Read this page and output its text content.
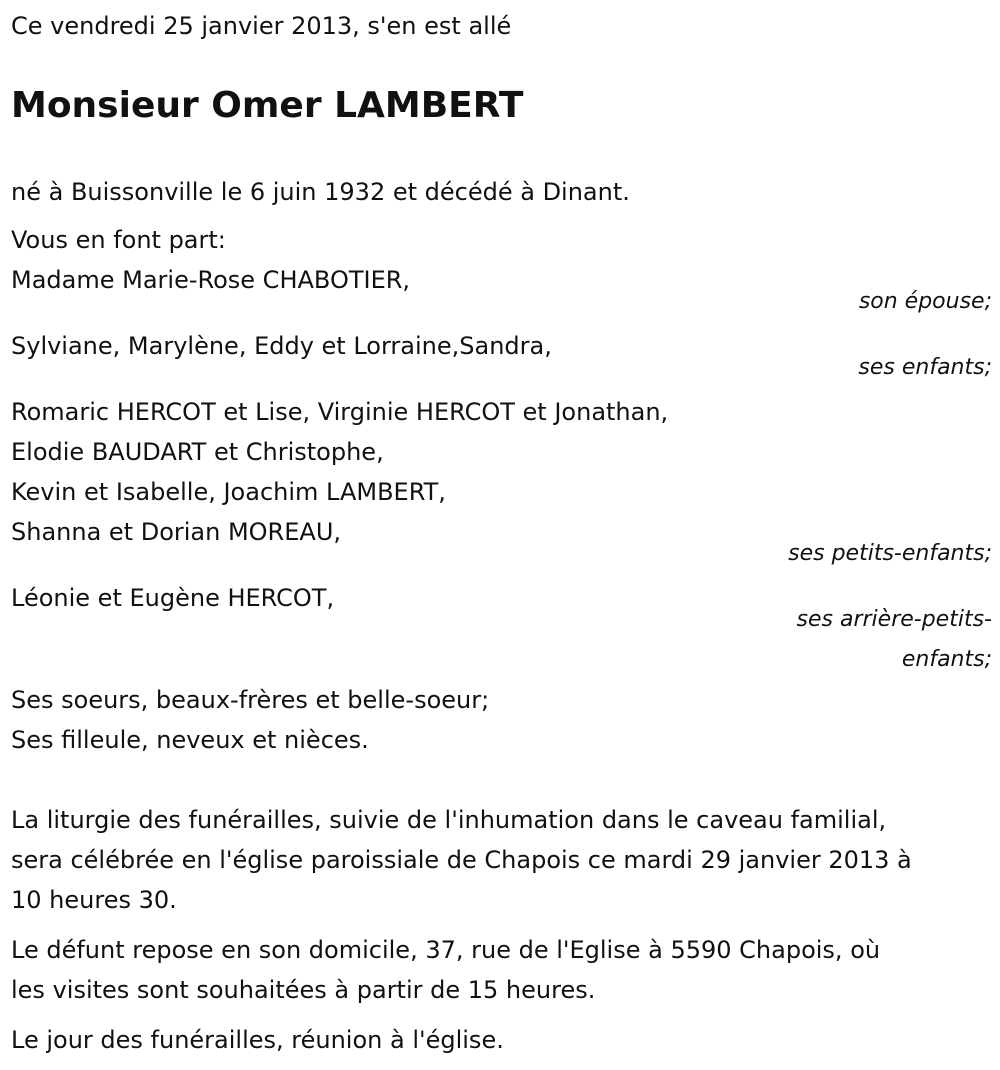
Ce vendredi 25 janvier 2013, s'en est allé
Monsieur Omer LAMBERT
né à Buissonville le 6 juin 1932 et décédé à Dinant.
Vous en font part:
Madame Marie-Rose CHABOTIER,
son épouse;
Sylviane, Marylène, Eddy et Lorraine,Sandra,
ses enfants;
Romaric HERCOT et Lise, Virginie HERCOT et Jonathan,
Elodie BAUDART et Christophe,
Kevin et Isabelle, Joachim LAMBERT,
Shanna et Dorian MOREAU,
ses petits-enfants;
Léonie et Eugène HERCOT,
ses arrière-petits-
enfants;
Ses soeurs, beaux-frères et belle-soeur;
Ses filleule, neveux et nièces.
La liturgie des funérailles, suivie de l'inhumation dans le caveau familial,
sera célébrée en l'église paroissiale de Chapois ce mardi 29 janvier 2013 à
10 heures 30.
Le défunt repose en son domicile, 37, rue de l'Eglise à 5590 Chapois, où
les visites sont souhaitées à partir de 15 heures.
Le jour des funérailles, réunion à l'église.
